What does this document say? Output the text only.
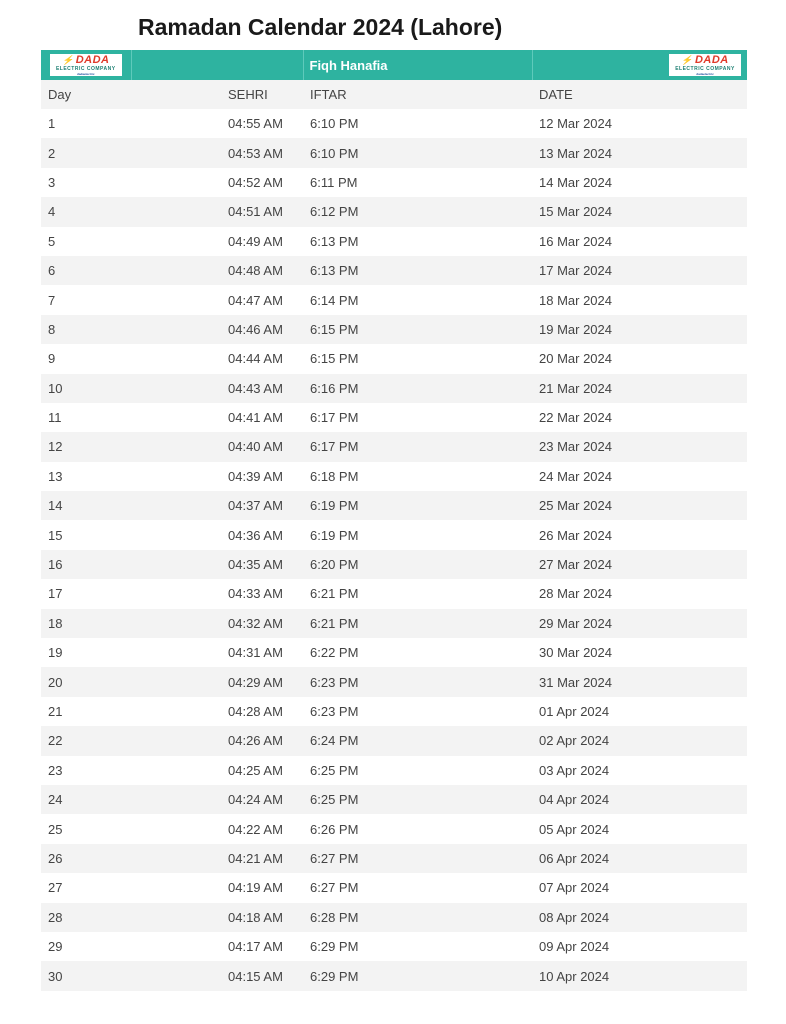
Ramadan Calendar 2024 (Lahore)
⚡ DADA
ELECTRIC COMPANY
dadaelectric		Fiqh Hanafia	⚡ DADA
ELECTRIC COMPANY
dadaelectric

Day	SEHRI	IFTAR	DATE
1	04:55 AM	6:10 PM	12 Mar 2024
2	04:53 AM	6:10 PM	13 Mar 2024
3	04:52 AM	6:11 PM	14 Mar 2024
4	04:51 AM	6:12 PM	15 Mar 2024
5	04:49 AM	6:13 PM	16 Mar 2024
6	04:48 AM	6:13 PM	17 Mar 2024
7	04:47 AM	6:14 PM	18 Mar 2024
8	04:46 AM	6:15 PM	19 Mar 2024
9	04:44 AM	6:15 PM	20 Mar 2024
10	04:43 AM	6:16 PM	21 Mar 2024
11	04:41 AM	6:17 PM	22 Mar 2024
12	04:40 AM	6:17 PM	23 Mar 2024
13	04:39 AM	6:18 PM	24 Mar 2024
14	04:37 AM	6:19 PM	25 Mar 2024
15	04:36 AM	6:19 PM	26 Mar 2024
16	04:35 AM	6:20 PM	27 Mar 2024
17	04:33 AM	6:21 PM	28 Mar 2024
18	04:32 AM	6:21 PM	29 Mar 2024
19	04:31 AM	6:22 PM	30 Mar 2024
20	04:29 AM	6:23 PM	31 Mar 2024
21	04:28 AM	6:23 PM	01 Apr 2024
22	04:26 AM	6:24 PM	02 Apr 2024
23	04:25 AM	6:25 PM	03 Apr 2024
24	04:24 AM	6:25 PM	04 Apr 2024
25	04:22 AM	6:26 PM	05 Apr 2024
26	04:21 AM	6:27 PM	06 Apr 2024
27	04:19 AM	6:27 PM	07 Apr 2024
28	04:18 AM	6:28 PM	08 Apr 2024
29	04:17 AM	6:29 PM	09 Apr 2024
30	04:15 AM	6:29 PM	10 Apr 2024
